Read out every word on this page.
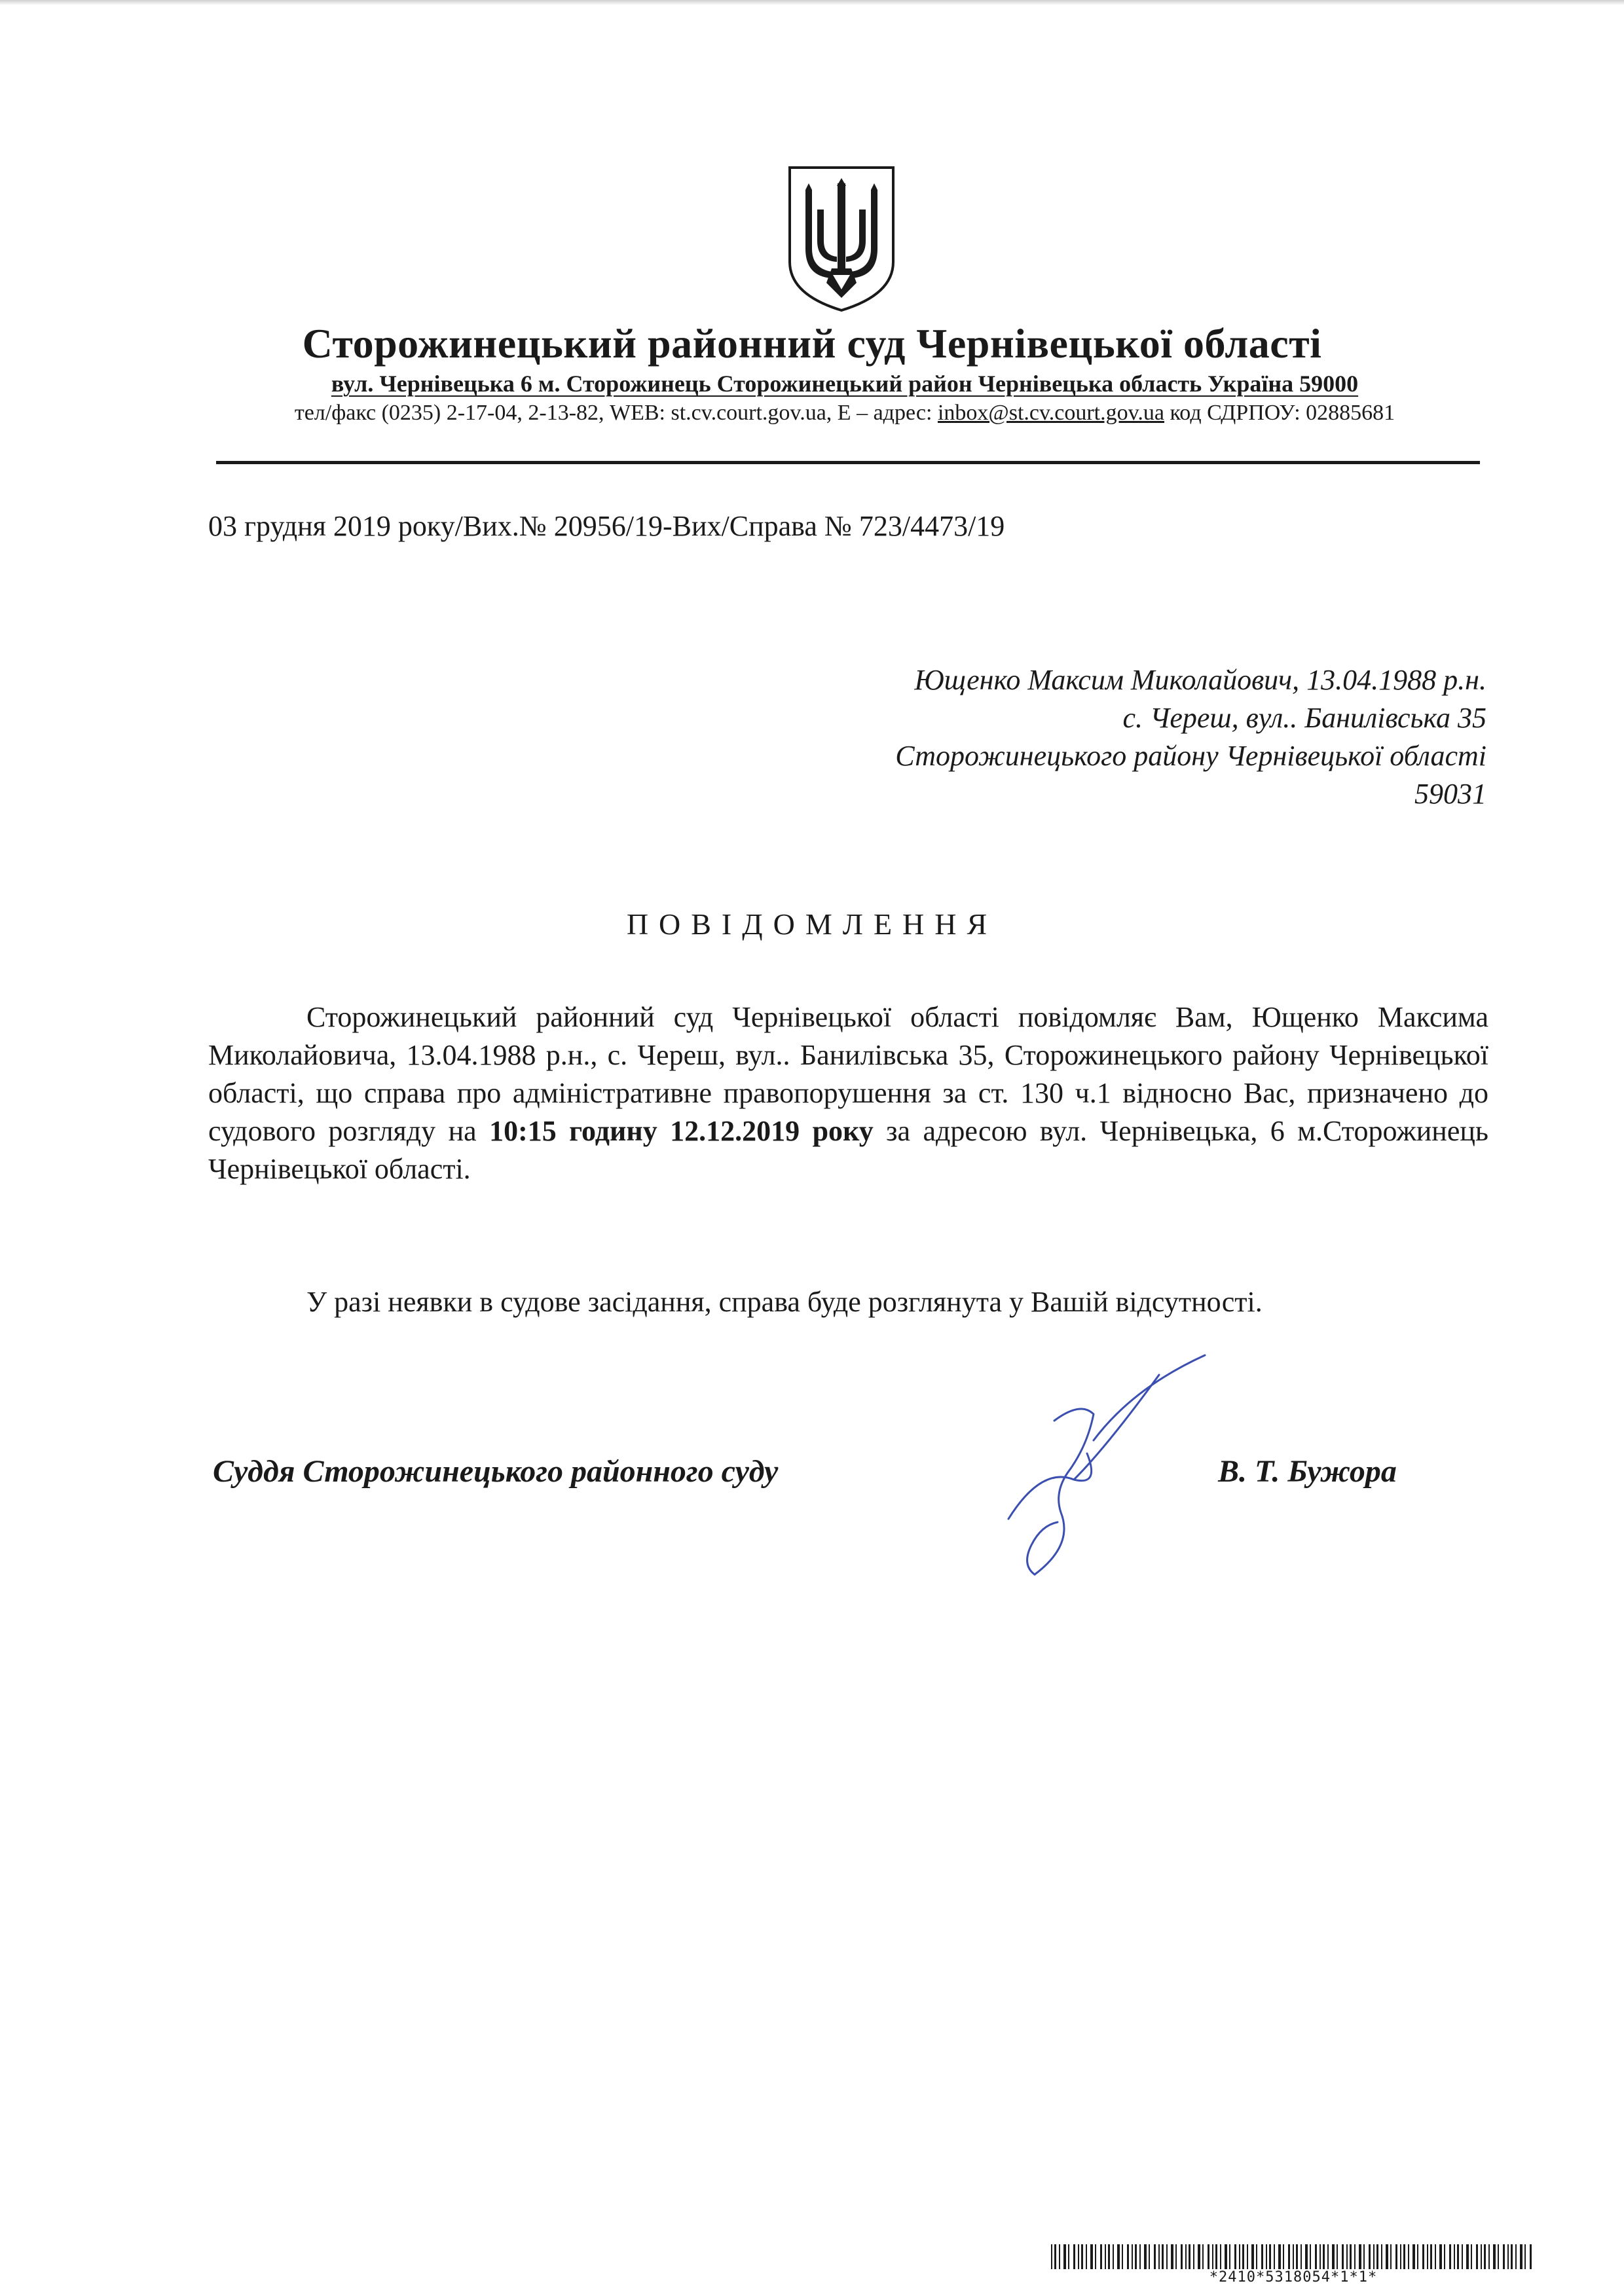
Сторожинецький районний суд Чернівецької області
вул. Чернівецька 6 м. Сторожинець Сторожинецький район Чернівецька область Україна 59000
тел/факс (0235) 2-17-04, 2-13-82, WEB: st.cv.court.gov.ua, Е – адрес: inbox@st.cv.court.gov.ua код СДРПОУ: 02885681
03 грудня 2019 року/Вих.№ 20956/19-Вих/Справа № 723/4473/19
Ющенко Максим Миколайович, 13.04.1988 р.н.
с. Череш, вул.. Банилівська 35
Сторожинецького району Чернівецької області
59031
ПОВІДОМЛЕННЯ
Сторожинецький районний суд Чернівецької області повідомляє Вам, Ющенко Максима Миколайовича, 13.04.1988 р.н., с. Череш, вул.. Банилівська 35, Сторожинецького району Чернівецької області, що справа про адміністративне правопорушення за ст. 130 ч.1 відносно Вас, призначено до судового розгляду на 10:15 годину 12.12.2019 року за адресою вул. Чернівецька, 6 м.Сторожинець Чернівецької області.
У разі неявки в судове засідання, справа буде розглянута у Вашій відсутності.
Суддя Сторожинецького районного суду	В. Т. Бужора
*2410*5318054*1*1*
